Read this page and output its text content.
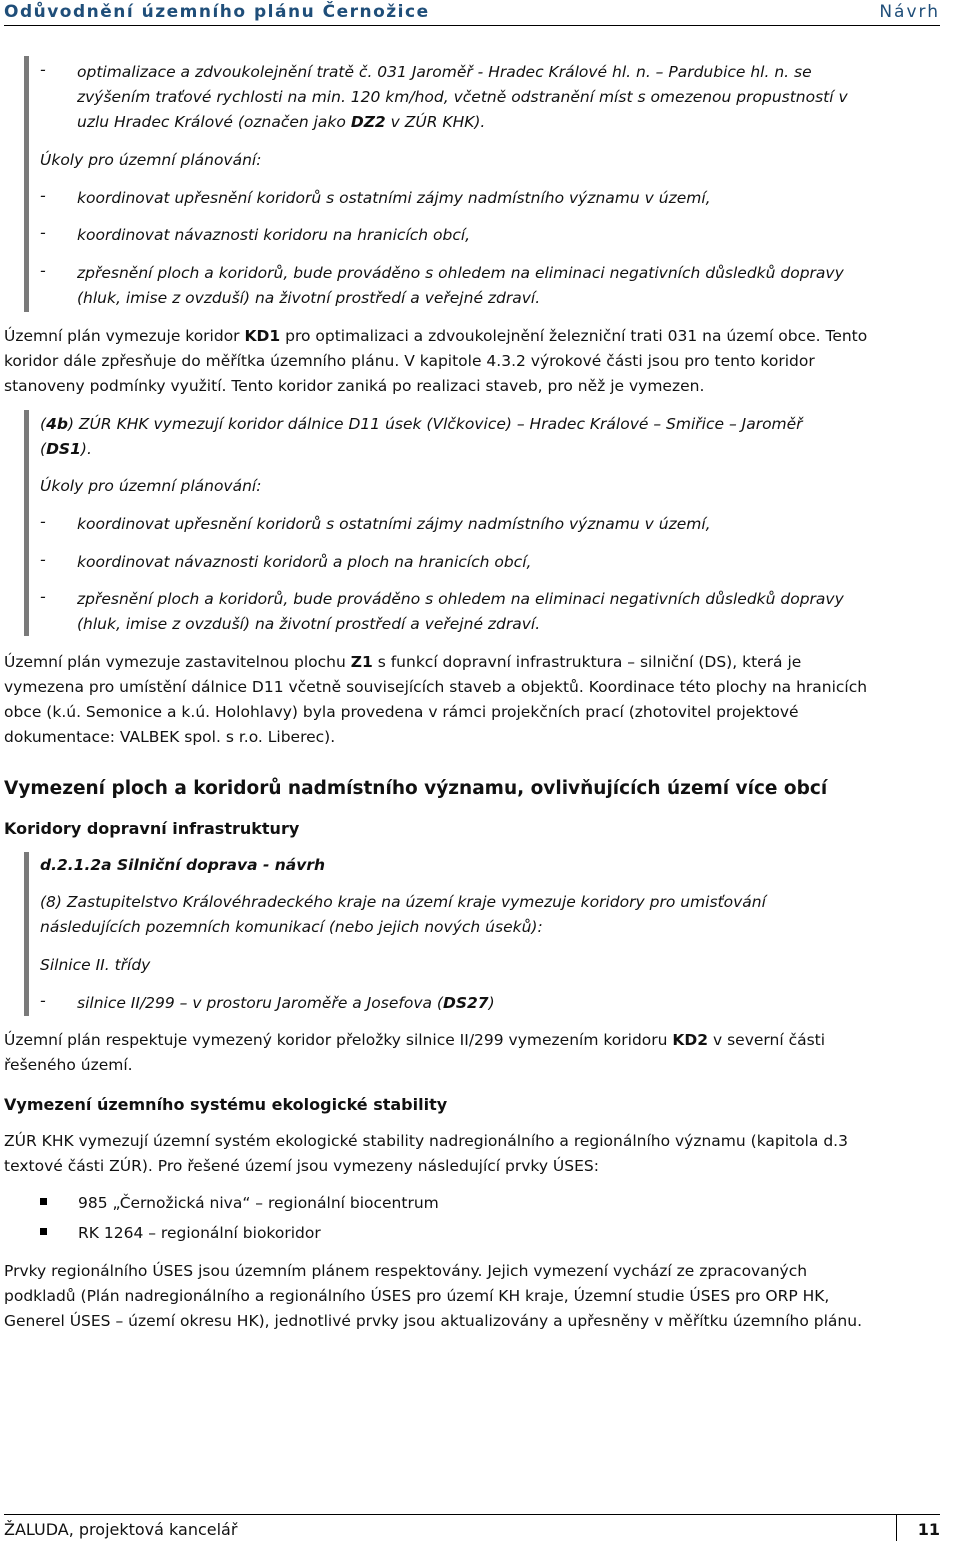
Odůvodnění územního plánu Černožice	Návrh
- optimalizace a zdvoukolejnění tratě č. 031 Jaroměř - Hradec Králové hl. n. – Pardubice hl. n. se
zvýšením traťové rychlosti na min. 120 km/hod, včetně odstranění míst s omezenou propustností v
uzlu Hradec Králové (označen jako DZ2 v ZÚR KHK).
Úkoly pro územní plánování:
- koordinovat upřesnění koridorů s ostatními zájmy nadmístního významu v území,
- koordinovat návaznosti koridoru na hranicích obcí,
- zpřesnění ploch a koridorů, bude prováděno s ohledem na eliminaci negativních důsledků dopravy
(hluk, imise z ovzduší) na životní prostředí a veřejné zdraví.
Územní plán vymezuje koridor KD1 pro optimalizaci a zdvoukolejnění železniční trati 031 na území obce. Tento
koridor dále zpřesňuje do měřítka územního plánu. V kapitole 4.3.2 výrokové části jsou pro tento koridor
stanoveny podmínky využití. Tento koridor zaniká po realizaci staveb, pro něž je vymezen.
(4b) ZÚR KHK vymezují koridor dálnice D11 úsek (Vlčkovice) – Hradec Králové – Smiřice – Jaroměř
(DS1).
Úkoly pro územní plánování:
- koordinovat upřesnění koridorů s ostatními zájmy nadmístního významu v území,
- koordinovat návaznosti koridorů a ploch na hranicích obcí,
- zpřesnění ploch a koridorů, bude prováděno s ohledem na eliminaci negativních důsledků dopravy
(hluk, imise z ovzduší) na životní prostředí a veřejné zdraví.
Územní plán vymezuje zastavitelnou plochu Z1 s funkcí dopravní infrastruktura – silniční (DS), která je
vymezena pro umístění dálnice D11 včetně souvisejících staveb a objektů. Koordinace této plochy na hranicích
obce (k.ú. Semonice a k.ú. Holohlavy) byla provedena v rámci projekčních prací (zhotovitel projektové
dokumentace: VALBEK spol. s r.o. Liberec).
Vymezení ploch a koridorů nadmístního významu, ovlivňujících území více obcí
Koridory dopravní infrastruktury
d.2.1.2a Silniční doprava - návrh
(8) Zastupitelstvo Královéhradeckého kraje na území kraje vymezuje koridory pro umisťování
následujících pozemních komunikací (nebo jejich nových úseků):
Silnice II. třídy
- silnice II/299 – v prostoru Jaroměře a Josefova (DS27)
Územní plán respektuje vymezený koridor přeložky silnice II/299 vymezením koridoru KD2 v severní části
řešeného území.
Vymezení územního systému ekologické stability
ZÚR KHK vymezují územní systém ekologické stability nadregionálního a regionálního významu (kapitola d.3
textové části ZÚR). Pro řešené území jsou vymezeny následující prvky ÚSES:
985 „Černožická niva“ – regionální biocentrum
RK 1264 – regionální biokoridor
Prvky regionálního ÚSES jsou územním plánem respektovány. Jejich vymezení vychází ze zpracovaných
podkladů (Plán nadregionálního a regionálního ÚSES pro území KH kraje, Územní studie ÚSES pro ORP HK,
Generel ÚSES – území okresu HK), jednotlivé prvky jsou aktualizovány a upřesněny v měřítku územního plánu.
ŽALUDA, projektová kancelář	11
